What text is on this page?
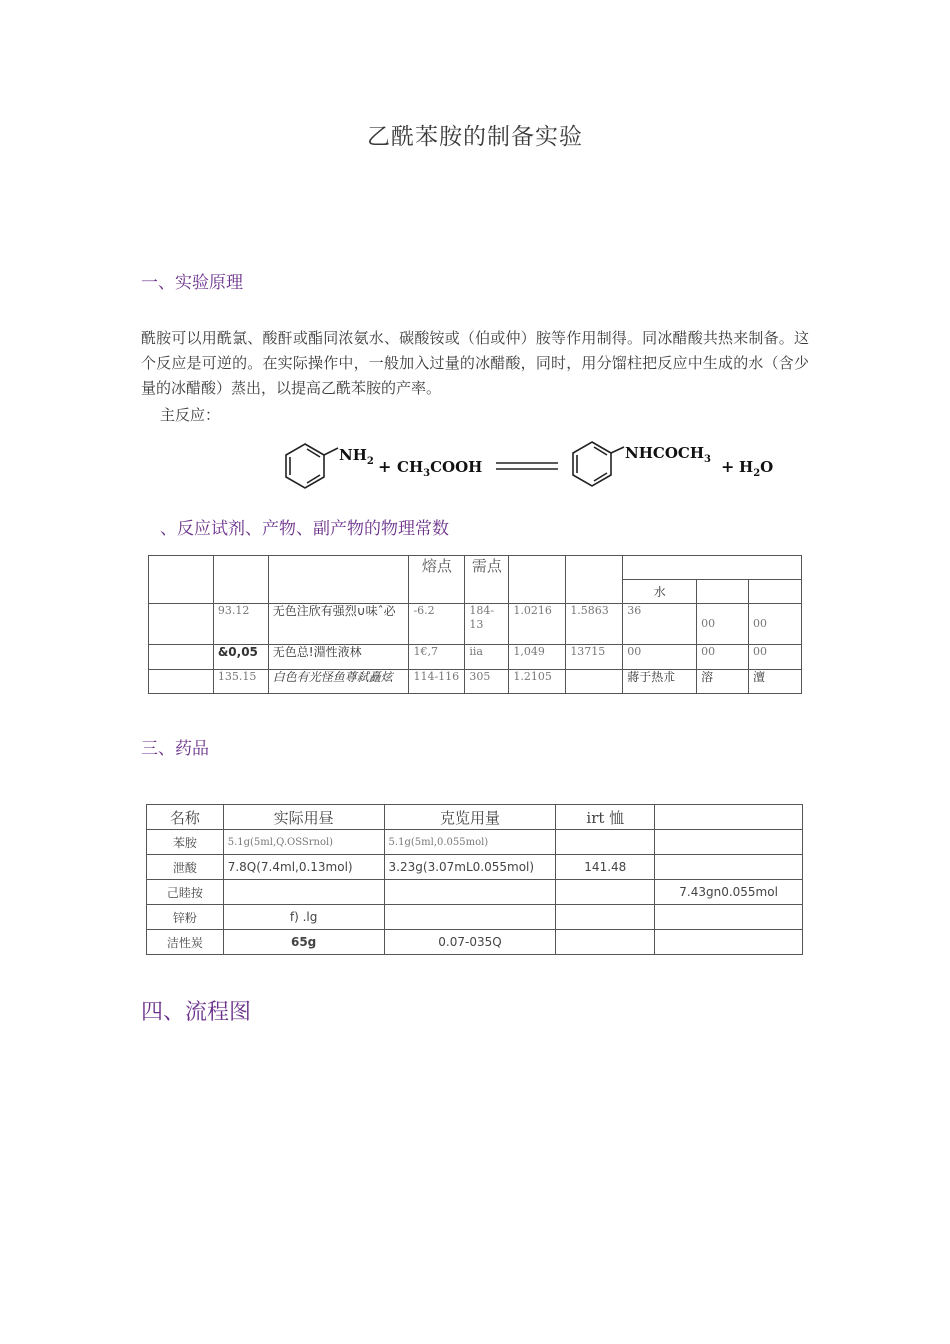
乙酰苯胺的制备实验
一、实验原理
酰胺可以用酰氯、酸酐或酯同浓氨水、碳酸铵或（伯或仲）胺等作用制得。同冰醋酸共热来制备。这个反应是可逆的。在实际操作中，一般加入过量的冰醋酸，同时，用分馏柱把反应中生成的水（含少量的冰醋酸）蒸出，以提高乙酰苯胺的产率。
主反应：
$NH_2$ + $CH_3COOH$
$NHCOCH_3 + H_2O$
、反应试剂、产物、副产物的物理常数
			熔点	需点					
							水		
	93.12	无色注欣有强烈∪味ˆ必	-6.2	184-13	1.0216	1.5863	36	00	00
	&0,05	无色总!淵性液林	1€,7	iia	1,049	13715	00	00	00
	135.15	白色有光怪鱼尊弑矗炫	114-116	305	1.2105		蔣于热朮	溶	澶
三、药品
名称	实际用昼	克览用量	irt 恤	
苯胺	5.1g(5ml,Q.OSSrnol)	5.1g(5ml,0.055mol)		
泄酸	7.8Q(7.4ml,0.13mol)	3.23g(3.07mL0.055mol)	141.48	
己睦按				7.43gn0.055mol
锌粉	f) .lg			
洁性炭	65g	0.07-035Q		
四、流程图
